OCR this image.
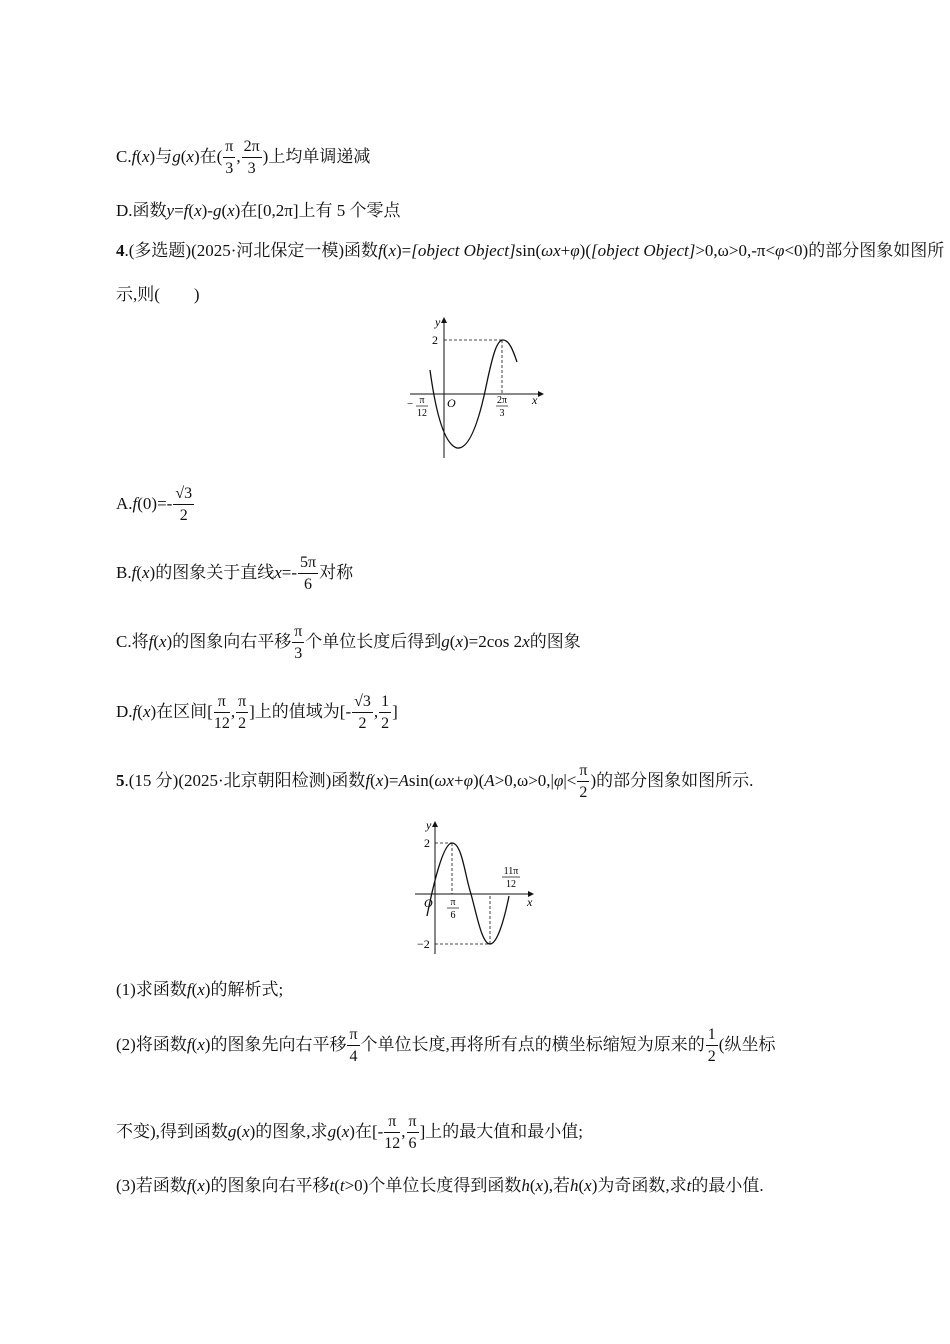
C.f(x)与g(x)在( $\frac{\pi}{3}$ , $\frac{2\pi}{3}$ )上均单调递减
D.函数y=f(x)-g(x)在[0,2π]上有 5 个零点
4.(多选题)(2025·河北保定一模)函数f(x)=[object Object]sin(ωx+φ)([object Object]>0,ω>0,-π<φ<0)的部分图象如图所
示,则(　　)
y
2
O	x
− π
12
2π
3
$A.f(0)=- \frac{√3}{2}$
B.f(x)的图象关于直线$x=- \frac{5\pi}{6}$ 对称
C.将f(x)的图象向右平移 $\frac{\pi}{3}$ 个单位长度后得到g(x)=2cos 2x的图象
D.f(x)在区间[ $\frac{\pi}{12}$ , $\frac{\pi}{2}$ ]上的值域为[- $\frac{√3}{2}$ , $\frac{1}{2}$ ]
5.(15 分)(2025·北京朝阳检测)函数$f(x)=Asin(\omega x+\varphi)(A>0,\omega>0,|\varphi|< \frac{\pi}{2}$ )的部分图象如图所示.
y
2
−2
O	x
π
6
11π
12
(1)求函数f(x)的解析式;
(2)将函数f(x)的图象先向右平移 $\frac{\pi}{4}$ 个单位长度,再将所有点的横坐标缩短为原来的 $\frac{1}{2}$ (纵坐标
不变),得到函数g(x)的图象,求g(x)在[- $\frac{\pi}{12}$ , $\frac{\pi}{6}$ ]上的最大值和最小值;
(3)若函数f(x)的图象向右平移t(t>0)个单位长度得到函数h(x),若h(x)为奇函数,求t的最小值.
